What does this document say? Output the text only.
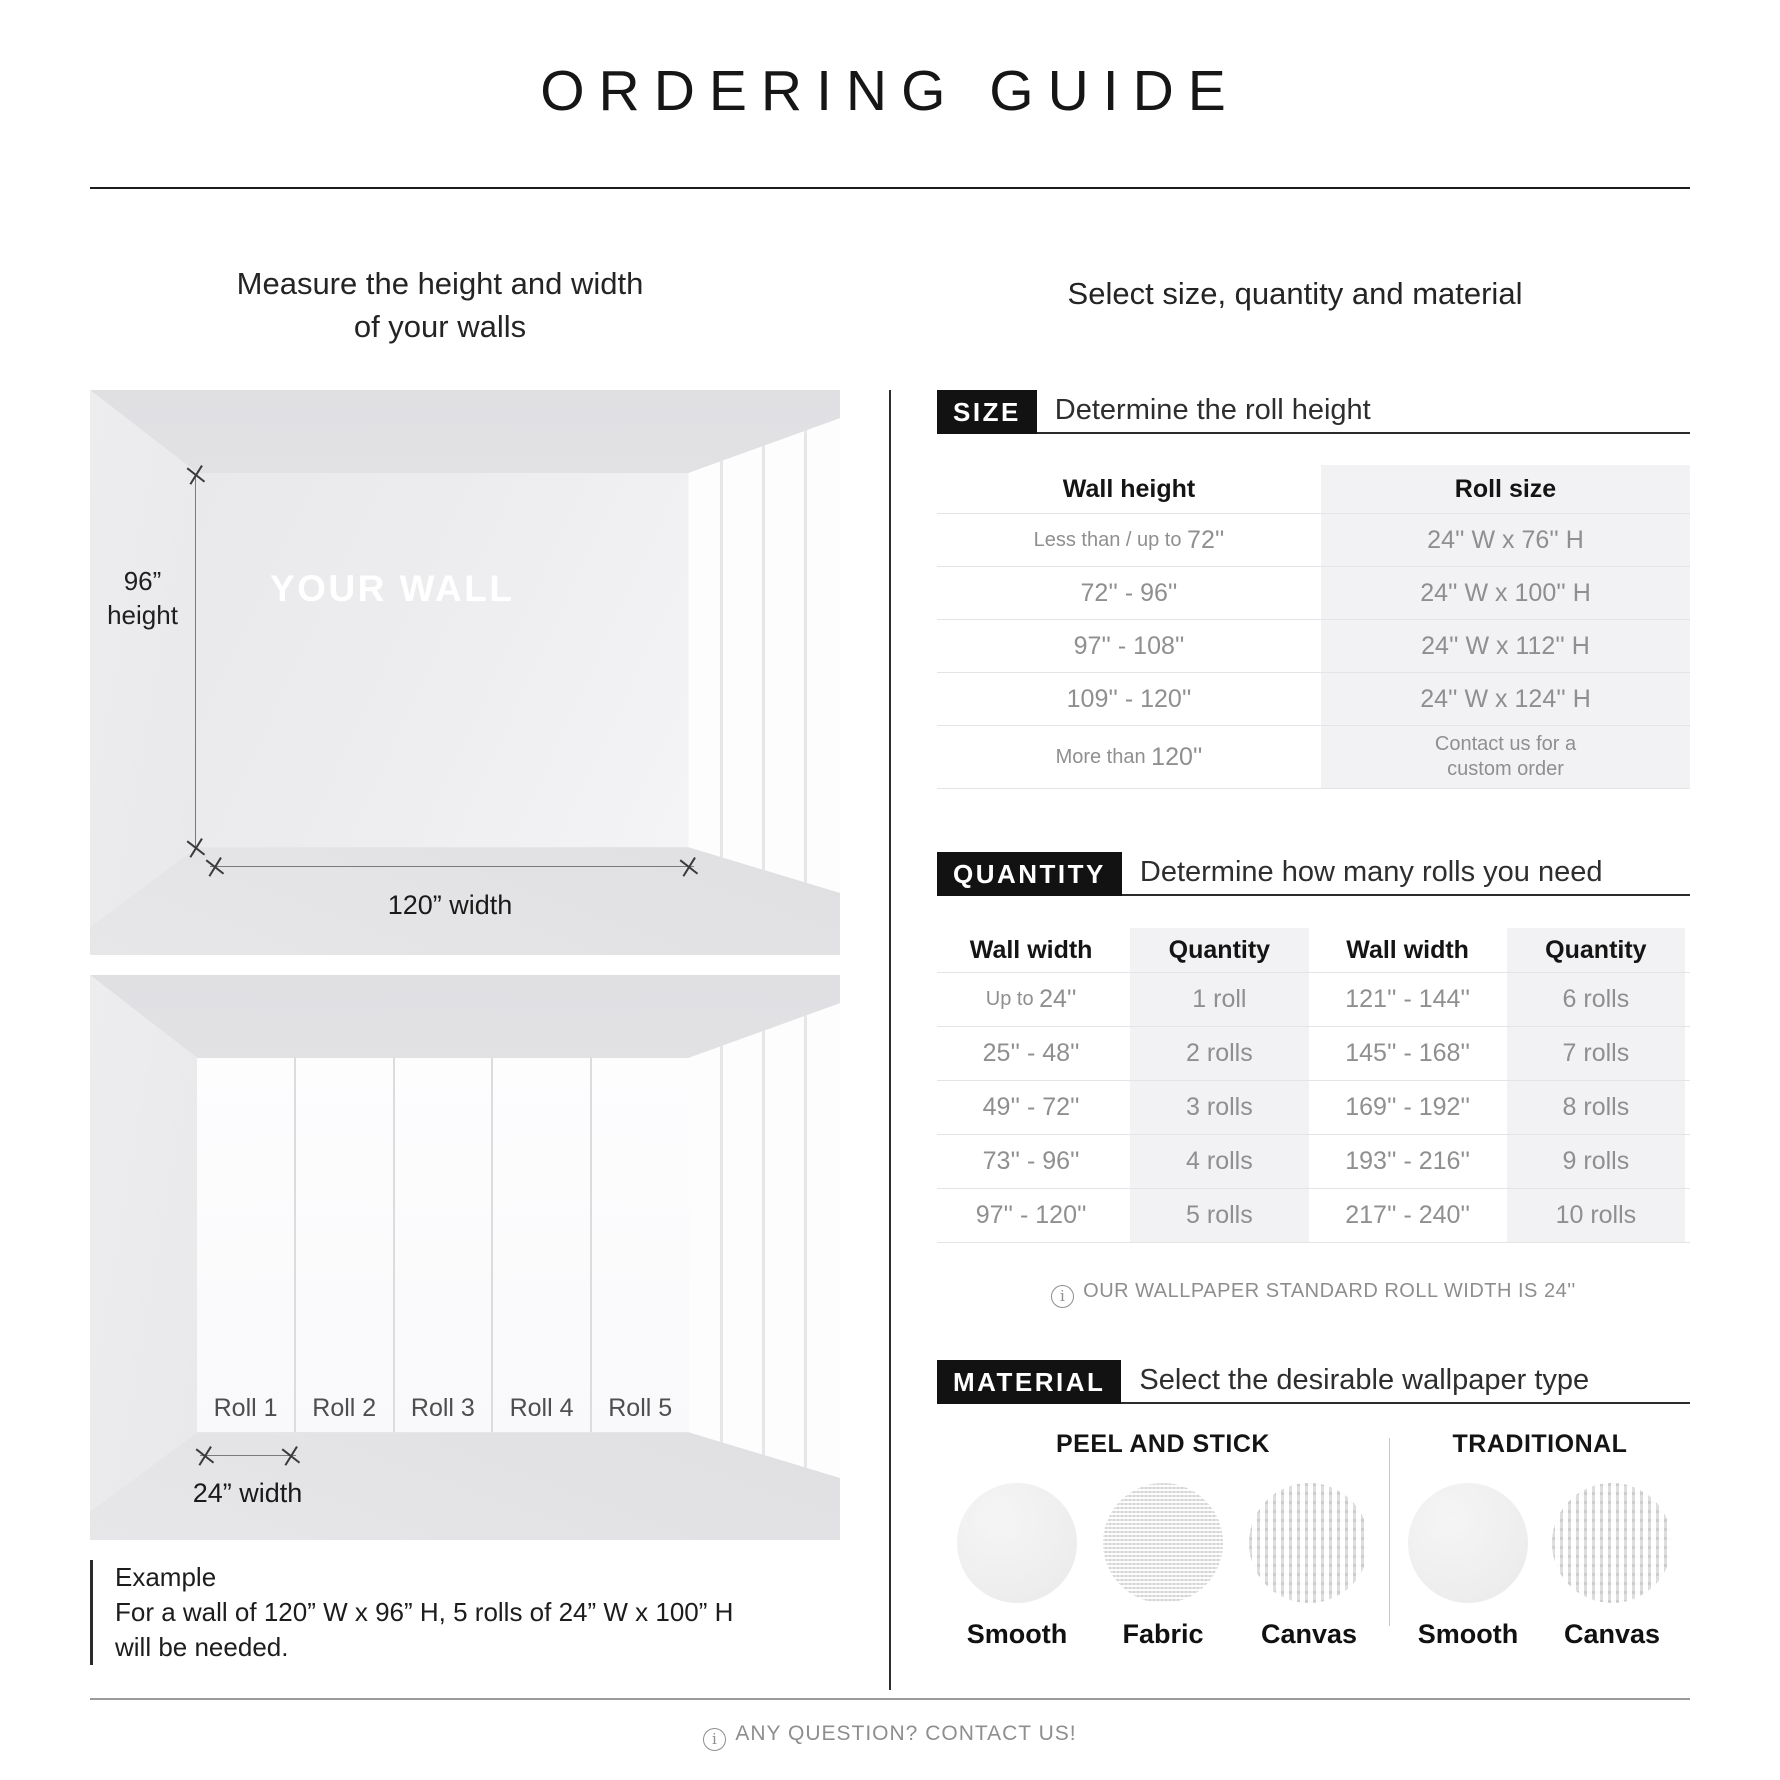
ORDERING GUIDE
Measure the height and width
of your walls
Select size, quantity and material
YOUR WALL
96”
height
120” width
Roll 1	Roll 2	Roll 3	Roll 4	Roll 5
24” width
Example
For a wall of 120” W x 96” H, 5 rolls of 24” W x 100” H
will be needed.
SIZE	Determine the roll height
Wall height	Roll size
Less than / up to 72''	24'' W x 76'' H
72'' - 96''	24'' W x 100'' H
97'' - 108''	24'' W x 112'' H
109'' - 120''	24'' W x 124'' H
More than 120''	Contact us for a
custom order
QUANTITY	Determine how many rolls you need
Wall width	Quantity	Wall width	Quantity
Up to 24''	1 roll	121'' - 144''	6 rolls
25'' - 48''	2 rolls	145'' - 168''	7 rolls
49'' - 72''	3 rolls	169'' - 192''	8 rolls
73'' - 96''	4 rolls	193'' - 216''	9 rolls
97'' - 120''	5 rolls	217'' - 240''	10 rolls
i OUR WALLPAPER STANDARD ROLL WIDTH IS 24''
MATERIAL	Select the desirable wallpaper type
PEEL AND STICK
Smooth	Fabric	Canvas
TRADITIONAL
Smooth	Canvas
i ANY QUESTION? CONTACT US!
